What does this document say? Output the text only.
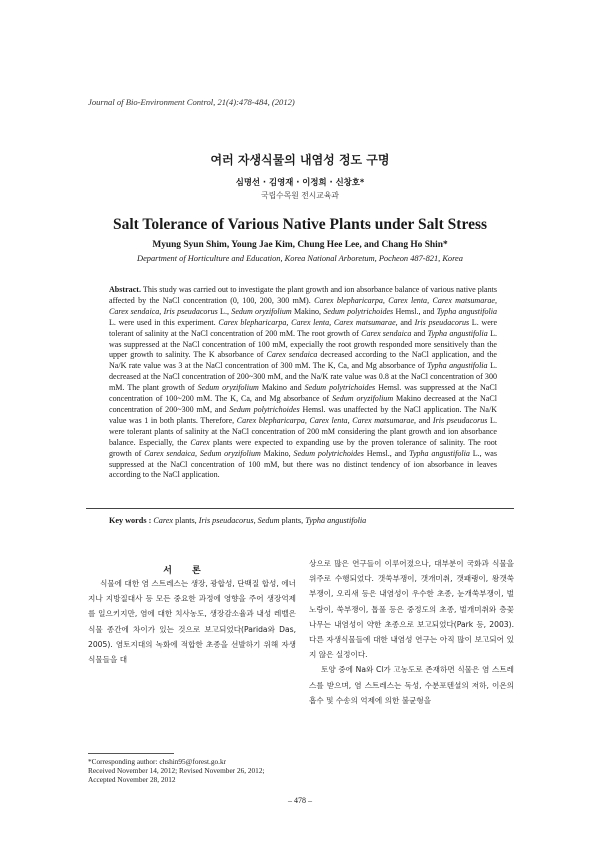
Journal of Bio-Environment Control, 21(4):478-484, (2012)
여러 자생식물의 내염성 정도 구명
심명선 · 김영재 · 이정희 · 신창호*
국립수목원 전시교육과
Salt Tolerance of Various Native Plants under Salt Stress
Myung Syun Shim, Young Jae Kim, Chung Hee Lee, and Chang Ho Shin*
Department of Horticulture and Education, Korea National Arboretum, Pocheon 487-821, Korea
Abstract. This study was carried out to investigate the plant growth and ion absorbance balance of various native plants affected by the NaCl concentration (0, 100, 200, 300 mM). Carex blepharicarpa, Carex lenta, Carex matsumarae, Carex sendaica, Iris pseudacorus L., Sedum oryzifolium Makino, Sedum polytrichoides Hemsl., and Typha angustifolia L. were used in this experiment. Carex blepharicarpa, Carex lenta, Carex matsumarae, and Iris pseudacorus L. were tolerant of salinity at the NaCl concentration of 200 mM. The root growth of Carex sendaica and Typha angustifolia L. was suppressed at the NaCl concentration of 100 mM, expecially the root growth responded more sensitively than the upper growth to salinity. The K absorbance of Carex sendaica decreased according to the NaCl application, and the Na/K rate value was 3 at the NaCl concentration of 300 mM. The K, Ca, and Mg absorbance of Typha angustifolia L. decreased at the NaCl concentration of 200~300 mM, and the Na/K rate value was 0.8 at the NaCl concentration of 300 mM. The plant growth of Sedum oryzifolium Makino and Sedum polytrichoides Hemsl. was suppressed at the NaCl concentration of 100~200 mM. The K, Ca, and Mg absorbance of Sedum oryzifolium Makino decreased at the NaCl concentration of 200~300 mM, and Sedum polytrichoides Hemsl. was unaffected by the NaCl application. The Na/K value was 1 in both plants. Therefore, Carex blepharicarpa, Carex lenta, Carex matsumarae, and Iris pseudacorus L. were tolerant plants of salinity at the NaCl concentration of 200 mM considering the plant growth and ion absorbance balance. Especially, the Carex plants were expected to expanding use by the proven tolerance of salinity. The root growth of Carex sendaica, Sedum oryzifolium Makino, Sedum polytrichoides Hemsl., and Typha angustifolia L., was suppressed at the NaCl concentration of 100 mM, but there was no distinct tendency of ion absorbance in leaves according to the NaCl application.
Key words : Carex plants, Iris pseudacorus, Sedum plants, Typha angustifolia
서론

식물에 대한 염 스트레스는 생장, 광합성, 단백질 합성, 에너지나 지방질대사 등 모든 중요한 과정에 영향을 주어 생장억제를 일으키지만, 염에 대한 치사농도, 생장감소율과 내성 레벨은 식물 종간에 차이가 있는 것으로 보고되었다(Parida와 Das, 2005). 염토지대의 녹화에 적합한 초종을 선발하기 위해 자생식물들을 대

상으로 많은 연구들이 이루어졌으나, 대부분이 국화과 식물을 위주로 수행되었다. 갯쑥부쟁이, 갯개미취, 갯패랭이, 왕갯쑥부쟁이, 오리새 등은 내염성이 우수한 초종, 눈개쑥부쟁이, 벌노랑이, 쑥부쟁이, 톱풀 등은 중정도의 초종, 벌개미취와 층꽃나무는 내염성이 약한 초종으로 보고되었다(Park 등, 2003). 다른 자생식물들에 대한 내염성 연구는 아직 많이 보고되어 있지 않은 실정이다.

토양 중에 Na와 Cl가 고농도로 존재하면 식물은 염 스트레스를 받으며, 염 스트레스는 독성, 수분포텐셜의 저하, 이온의 흡수 및 수송의 억제에 의한 불균형을

*Corresponding author: chshin95@forest.go.kr
Received November 14, 2012; Revised November 26, 2012;
Accepted November 28, 2012
– 478 –
